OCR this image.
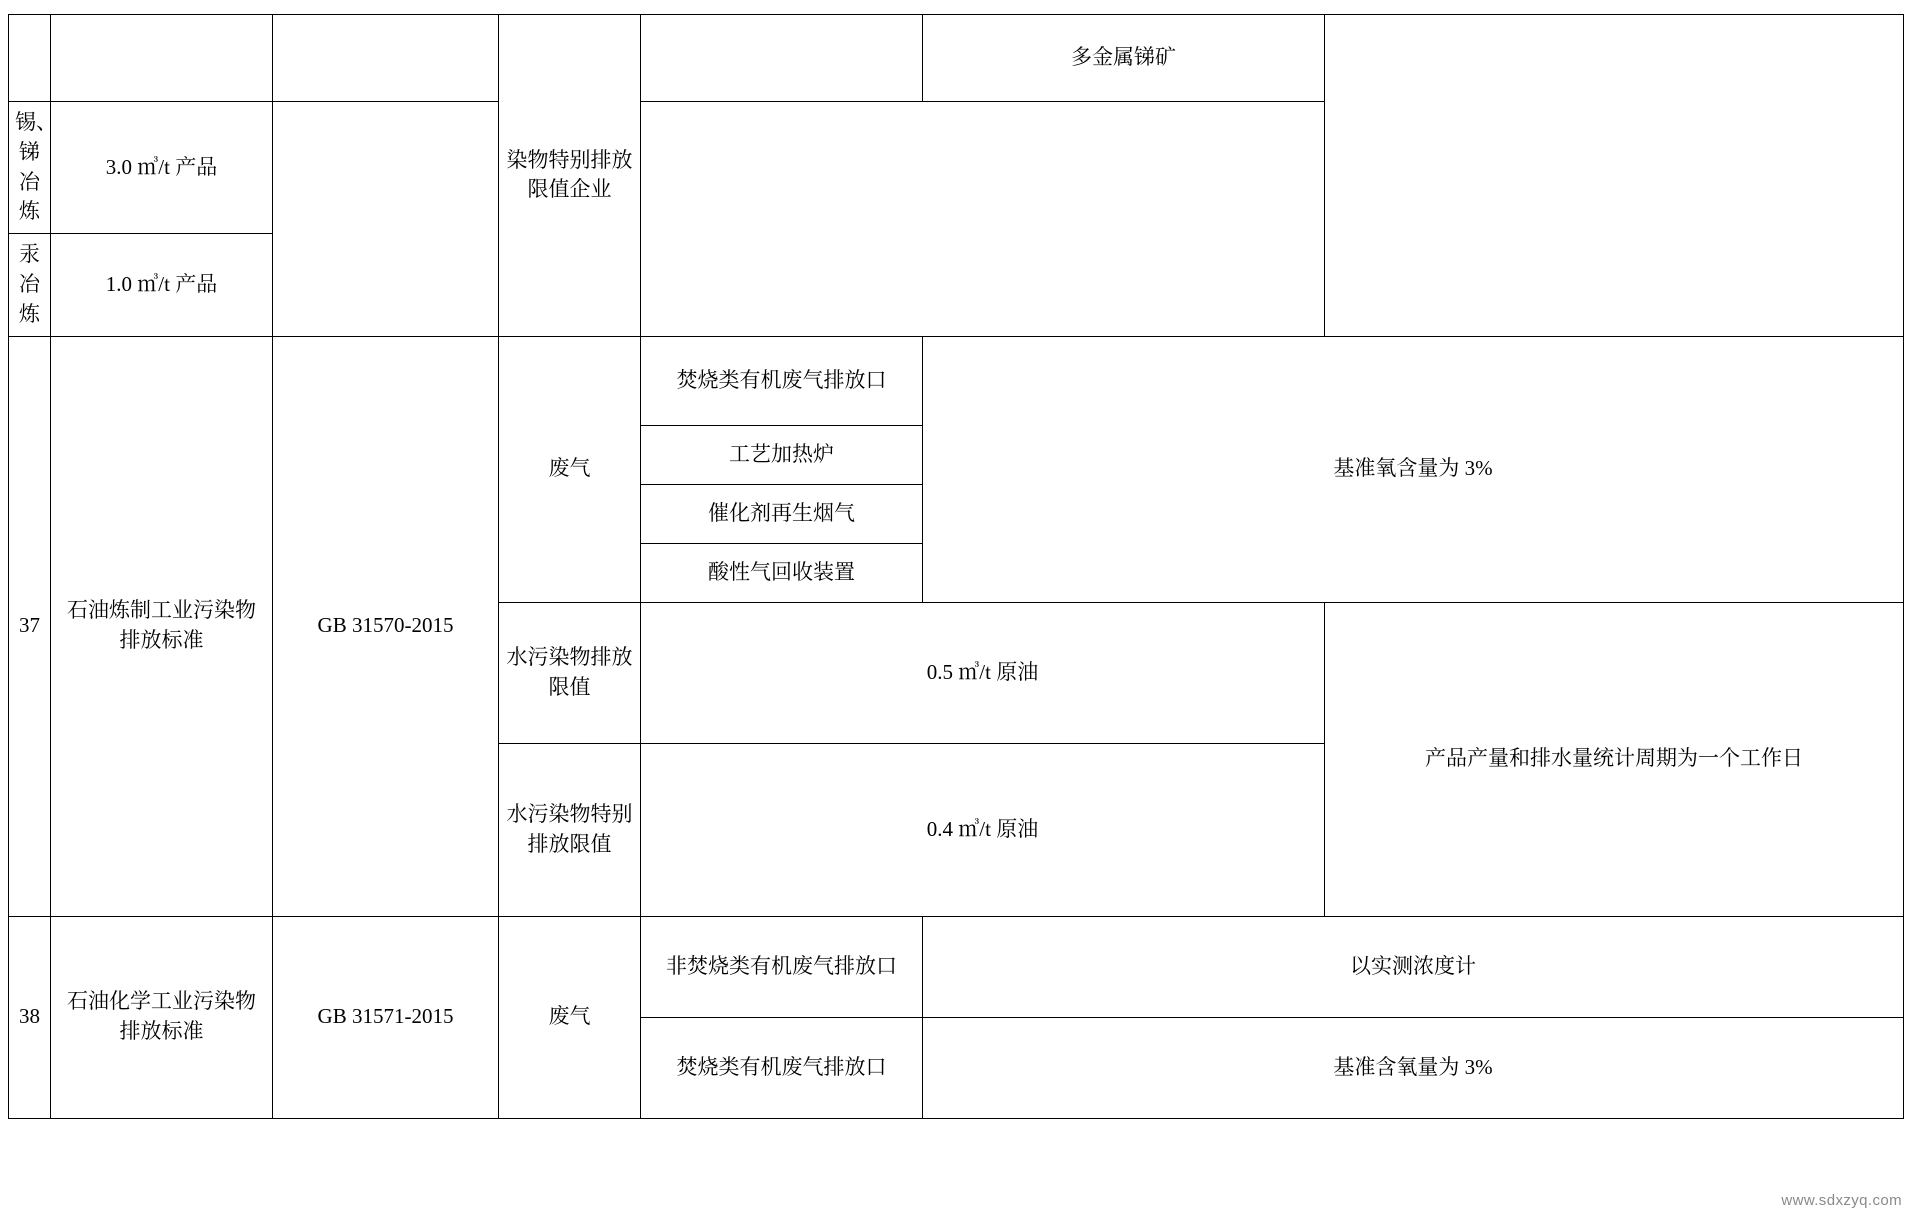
			染物特别排放限值企业		多金属锑矿	
锡、锑冶炼	3.0 ㎥/t 产品					
汞冶炼	1.0 ㎥/t 产品					
37	石油炼制工业污染物排放标准	GB 31570-2015	废气	焚烧类有机废气排放口	基准氧含量为 3%	
				工艺加热炉		
				催化剂再生烟气		
				酸性气回收装置		
			水污染物排放限值	0.5 ㎥/t 原油		产品产量和排水量统计周期为一个工作日
			水污染物特别排放限值	0.4 ㎥/t 原油		
38	石油化学工业污染物排放标准	GB 31571-2015	废气	非焚烧类有机废气排放口	以实测浓度计	
				焚烧类有机废气排放口	基准含氧量为 3%	
www.sdxzyq.com
